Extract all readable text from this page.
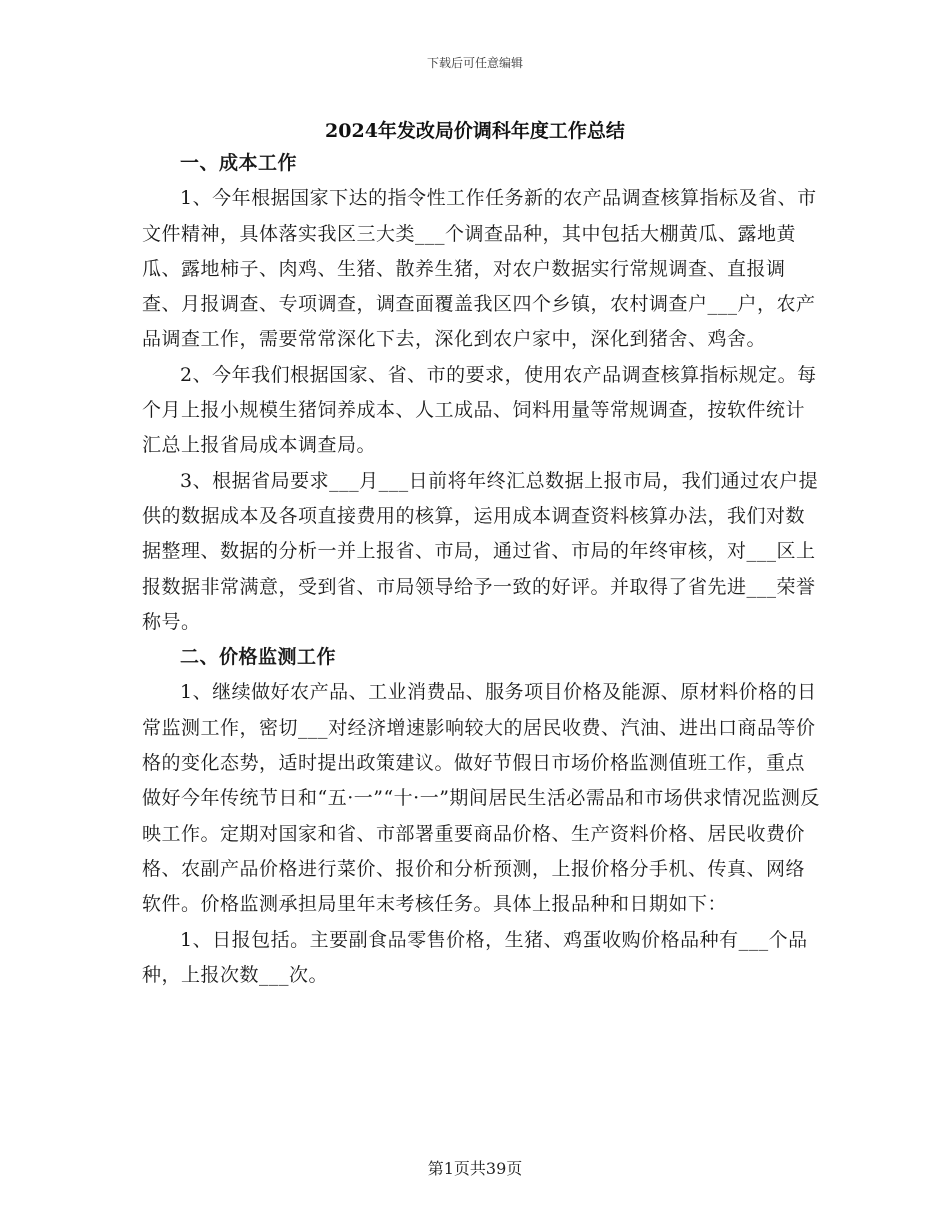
下载后可任意编辑
2024年发改局价调科年度工作总结

一、成本工作

1、今年根据国家下达的指令性工作任务新的农产品调查核算指标及省、市文件精神，具体落实我区三大类___个调查品种，其中包括大棚黄瓜、露地黄瓜、露地柿子、肉鸡、生猪、散养生猪，对农户数据实行常规调查、直报调查、月报调查、专项调查，调查面覆盖我区四个乡镇，农村调查户___户，农产品调查工作，需要常常深化下去，深化到农户家中，深化到猪舍、鸡舍。

2、今年我们根据国家、省、市的要求，使用农产品调查核算指标规定。每个月上报小规模生猪饲养成本、人工成品、饲料用量等常规调查，按软件统计汇总上报省局成本调查局。

3、根据省局要求___月___日前将年终汇总数据上报市局，我们通过农户提供的数据成本及各项直接费用的核算，运用成本调查资料核算办法，我们对数据整理、数据的分析一并上报省、市局，通过省、市局的年终审核，对___区上报数据非常满意，受到省、市局领导给予一致的好评。并取得了省先进___荣誉称号。

二、价格监测工作

1、继续做好农产品、工业消费品、服务项目价格及能源、原材料价格的日常监测工作，密切___对经济增速影响较大的居民收费、汽油、进出口商品等价格的变化态势，适时提出政策建议。做好节假日市场价格监测值班工作，重点做好今年传统节日和“五·一”“十·一”期间居民生活必需品和市场供求情况监测反映工作。定期对国家和省、市部署重要商品价格、生产资料价格、居民收费价格、农副产品价格进行菜价、报价和分析预测，上报价格分手机、传真、网络软件。价格监测承担局里年末考核任务。具体上报品种和日期如下：

1、日报包括。主要副食品零售价格，生猪、鸡蛋收购价格品种有___个品种，上报次数___次。

第1页共39页
